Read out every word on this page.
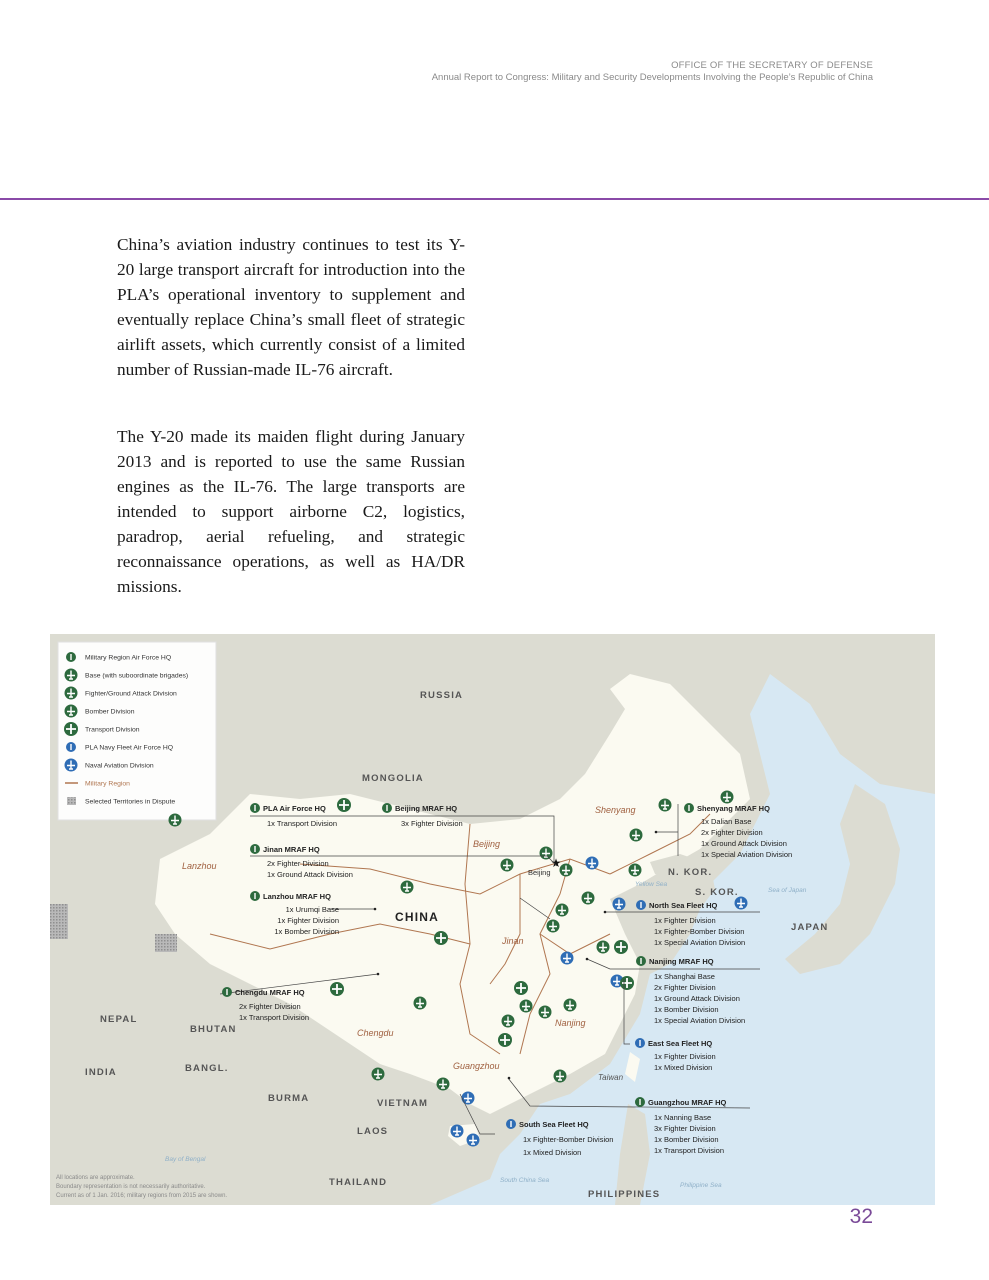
OFFICE OF THE SECRETARY OF DEFENSE
Annual Report to Congress: Military and Security Developments Involving the People’s Republic of China

China’s aviation industry continues to test its Y-20 large transport aircraft for introduction into the PLA’s operational inventory to supplement and eventually replace China’s small fleet of strategic airlift assets, which currently consist of a limited number of Russian-made IL-76 aircraft.

The Y-20 made its maiden flight during January 2013 and is reported to use the same Russian engines as the IL-76. The large transports are intended to support airborne C2, logistics, paradrop, aerial refueling, and strategic reconnaissance operations, as well as HA/DR missions.

Military Region Air Force HQ
Base (with suboordinate brigades)
Fighter/Ground Attack Division
Bomber Division
Transport Division
PLA Navy Fleet Air Force HQ
Naval Aviation Division
Military Region
Selected Territories in Dispute
RUSSIA
MONGOLIA
CHINA
N. KOR.
S. KOR.
JAPAN
NEPAL
BHUTAN
INDIA	BANGL.
BURMA	VIETNAM
LAOS
THAILAND
PHILIPPINES
Shenyang
Beijing
Lanzhou
Jinan
Chengdu
Nanjing
Guangzhou
Beijing
Taiwan
Yellow Sea
Sea of Japan
Bay of Bengal
South China Sea
Philippine Sea
★
PLA Air Force HQ
1x Transport Division
Beijing MRAF HQ
3x Fighter Division
Jinan MRAF HQ
2x Fighter Division
1x Ground Attack Division
Lanzhou MRAF HQ
1x Urumqi Base
1x Fighter Division
1x Bomber Division
Chengdu MRAF HQ
2x Fighter Division
1x Transport Division
Shenyang MRAF HQ
1x Dalian Base
2x Fighter Division
1x Ground Attack Division
1x Special Aviation Division
North Sea Fleet HQ
1x Fighter Division
1x Fighter-Bomber Division
1x Special Aviation Division
Nanjing MRAF HQ
1x Shanghai Base
2x Fighter Division
1x Ground Attack Division
1x Bomber Division
1x Special Aviation Division
East Sea Fleet HQ
1x Fighter Division
1x Mixed Division
Guangzhou MRAF HQ
1x Nanning Base
3x Fighter Division
1x Bomber Division
1x Transport Division
South Sea Fleet HQ
1x Fighter-Bomber Division
1x Mixed Division
All locations are approximate.
Boundary representation is not necessarily authoritative.
Current as of 1 Jan. 2016; military regions from 2015 are shown.
32
